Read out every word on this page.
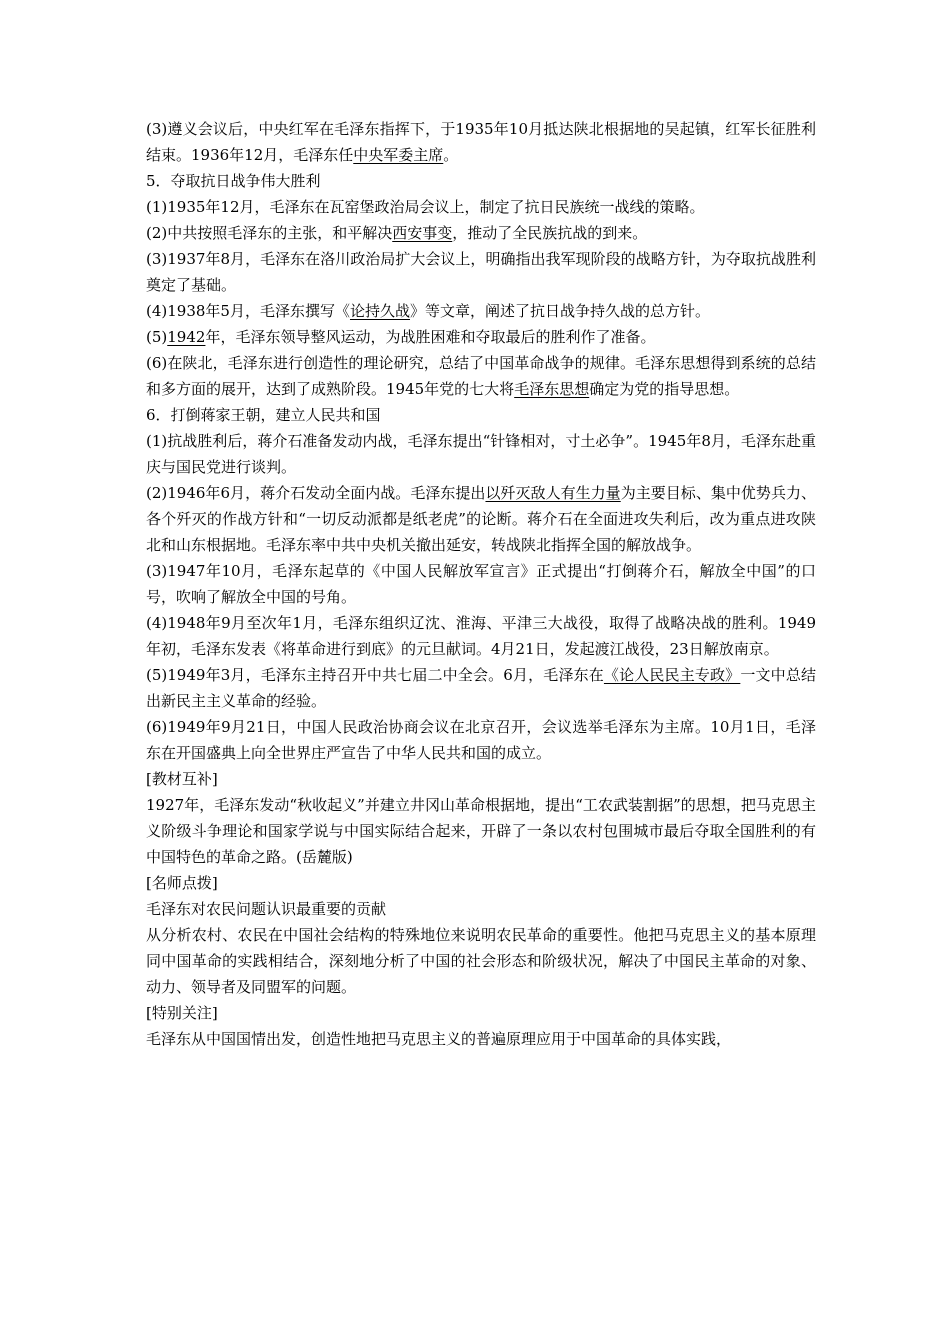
(3)遵义会议后，中央红军在毛泽东指挥下，于1935年10月抵达陕北根据地的吴起镇，红军长征胜利结束。1936年12月，毛泽东任中央军委主席。

5．夺取抗日战争伟大胜利

(1)1935年12月，毛泽东在瓦窑堡政治局会议上，制定了抗日民族统一战线的策略。

(2)中共按照毛泽东的主张，和平解决西安事变，推动了全民族抗战的到来。

(3)1937年8月，毛泽东在洛川政治局扩大会议上，明确指出我军现阶段的战略方针，为夺取抗战胜利奠定了基础。

(4)1938年5月，毛泽东撰写《论持久战》等文章，阐述了抗日战争持久战的总方针。

(5)1942年，毛泽东领导整风运动，为战胜困难和夺取最后的胜利作了准备。

(6)在陕北，毛泽东进行创造性的理论研究，总结了中国革命战争的规律。毛泽东思想得到系统的总结和多方面的展开，达到了成熟阶段。1945年党的七大将毛泽东思想确定为党的指导思想。

6．打倒蒋家王朝，建立人民共和国

(1)抗战胜利后，蒋介石准备发动内战，毛泽东提出“针锋相对，寸土必争”。1945年8月，毛泽东赴重庆与国民党进行谈判。

(2)1946年6月，蒋介石发动全面内战。毛泽东提出以歼灭敌人有生力量为主要目标、集中优势兵力、各个歼灭的作战方针和“一切反动派都是纸老虎”的论断。蒋介石在全面进攻失利后，改为重点进攻陕北和山东根据地。毛泽东率中共中央机关撤出延安，转战陕北指挥全国的解放战争。

(3)1947年10月，毛泽东起草的《中国人民解放军宣言》正式提出“打倒蒋介石，解放全中国”的口号，吹响了解放全中国的号角。

(4)1948年9月至次年1月，毛泽东组织辽沈、淮海、平津三大战役，取得了战略决战的胜利。1949年初，毛泽东发表《将革命进行到底》的元旦献词。4月21日，发起渡江战役，23日解放南京。

(5)1949年3月，毛泽东主持召开中共七届二中全会。6月，毛泽东在《论人民民主专政》一文中总结出新民主主义革命的经验。

(6)1949年9月21日，中国人民政治协商会议在北京召开，会议选举毛泽东为主席。10月1日，毛泽东在开国盛典上向全世界庄严宣告了中华人民共和国的成立。

[教材互补]

1927年，毛泽东发动“秋收起义”并建立井冈山革命根据地，提出“工农武装割据”的思想，把马克思主义阶级斗争理论和国家学说与中国实际结合起来，开辟了一条以农村包围城市最后夺取全国胜利的有中国特色的革命之路。(岳麓版)

[名师点拨]

毛泽东对农民问题认识最重要的贡献

从分析农村、农民在中国社会结构的特殊地位来说明农民革命的重要性。他把马克思主义的基本原理同中国革命的实践相结合，深刻地分析了中国的社会形态和阶级状况，解决了中国民主革命的对象、动力、领导者及同盟军的问题。

[特别关注]

毛泽东从中国国情出发，创造性地把马克思主义的普遍原理应用于中国革命的具体实践，
